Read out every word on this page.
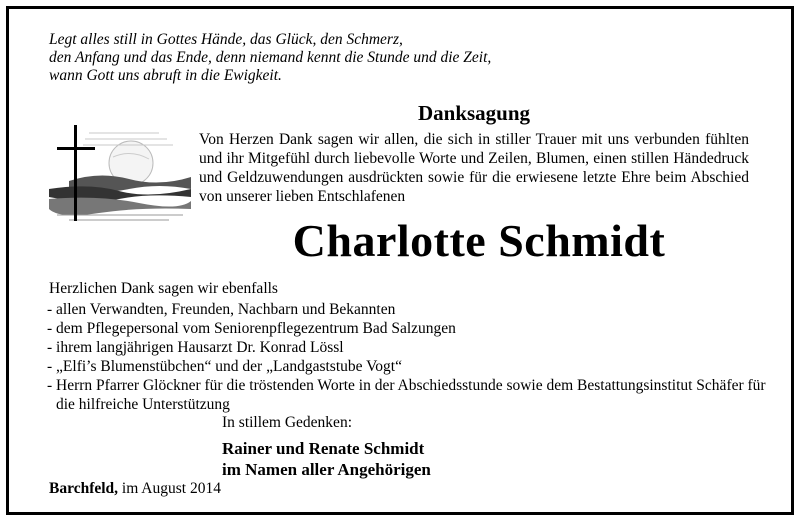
Legt alles still in Gottes Hände, das Glück, den Schmerz,
den Anfang und das Ende, denn niemand kennt die Stunde und die Zeit,
wann Gott uns abruft in die Ewigkeit.
Danksagung
Von Herzen Dank sagen wir allen, die sich in stiller Trauer mit uns verbunden fühlten und ihr Mitgefühl durch liebevolle Worte und Zeilen, Blumen, einen stillen Händedruck und Geldzuwendungen ausdrückten sowie für die erwiesene letzte Ehre beim Abschied von unserer lieben Entschlafenen
Charlotte Schmidt
Herzlichen Dank sagen wir ebenfalls
- allen Verwandten, Freunden, Nachbarn und Bekannten
- dem Pflegepersonal vom Seniorenpflegezentrum Bad Salzungen
- ihrem langjährigen Hausarzt Dr. Konrad Lössl
- „Elfi’s Blumenstübchen“ und der „Landgaststube Vogt“
- Herrn Pfarrer Glöckner für die tröstenden Worte in der Abschiedsstunde sowie dem Bestattungsinstitut Schäfer für die hilfreiche Unterstützung
In stillem Gedenken:
Rainer und Renate Schmidt
im Namen aller Angehörigen
Barchfeld, im August 2014
